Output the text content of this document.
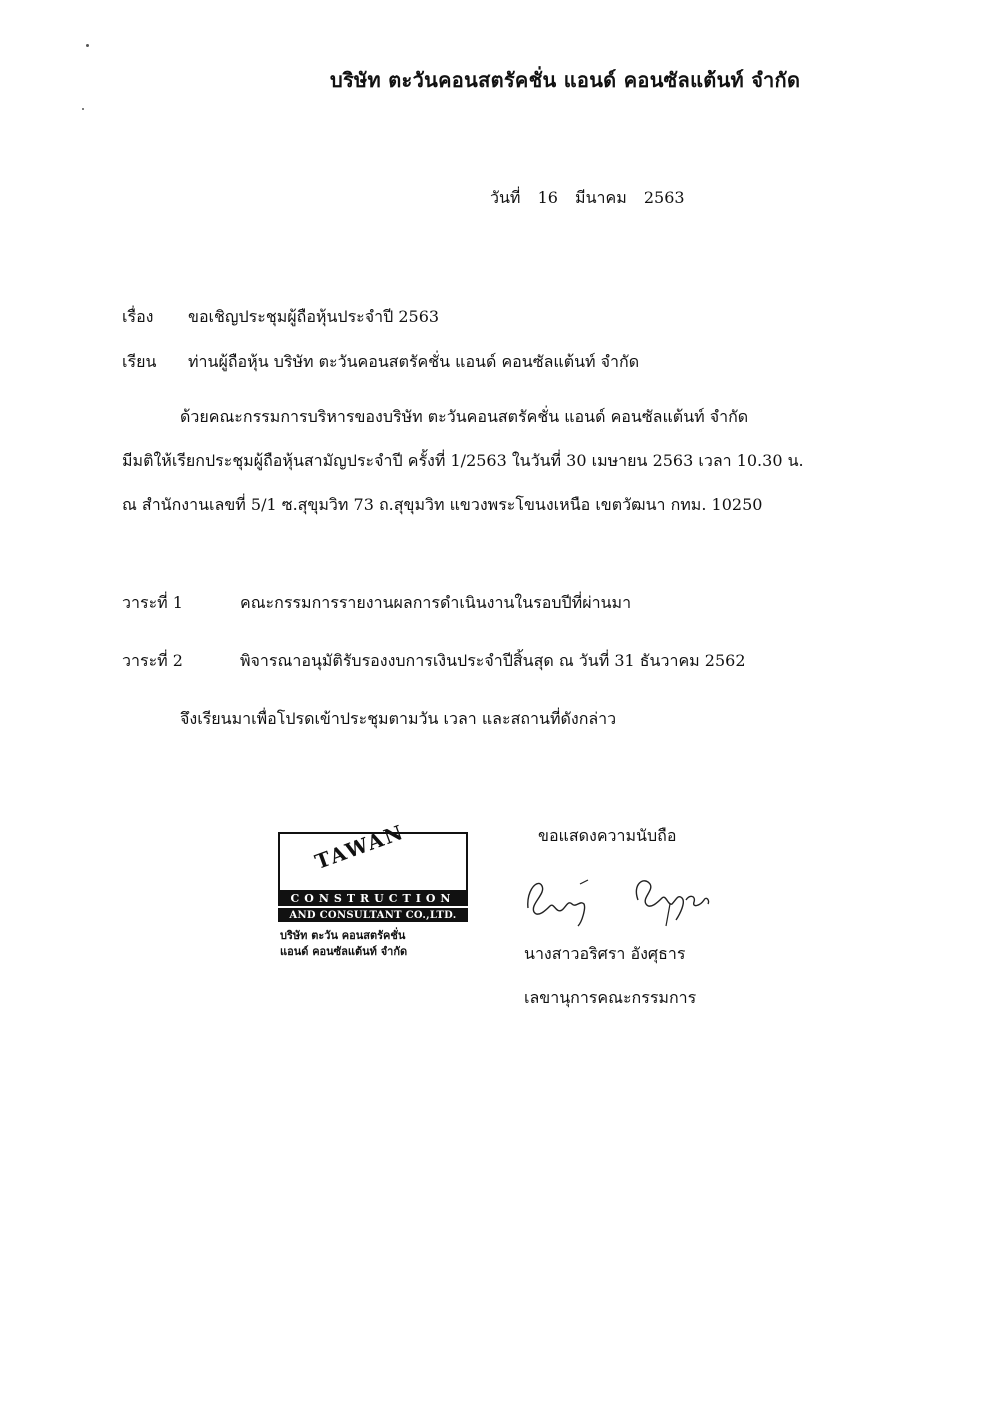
บริษัท ตะวันคอนสตรัคชั่น แอนด์ คอนซัลแต้นท์ จำกัด
วันที่ 16 มีนาคม 2563
เรื่อง ขอเชิญประชุมผู้ถือหุ้นประจำปี 2563
เรียน ท่านผู้ถือหุ้น บริษัท ตะวันคอนสตรัคชั่น แอนด์ คอนซัลแต้นท์ จำกัด
ด้วยคณะกรรมการบริหารของบริษัท ตะวันคอนสตรัคชั่น แอนด์ คอนซัลแต้นท์ จำกัด
มีมติให้เรียกประชุมผู้ถือหุ้นสามัญประจำปี ครั้งที่ 1/2563 ในวันที่ 30 เมษายน 2563 เวลา 10.30 น.
ณ สำนักงานเลขที่ 5/1 ซ.สุขุมวิท 73 ถ.สุขุมวิท แขวงพระโขนงเหนือ เขตวัฒนา กทม. 10250
วาระที่ 1	คณะกรรมการรายงานผลการดำเนินงานในรอบปีที่ผ่านมา
วาระที่ 2	พิจารณาอนุมัติรับรองงบการเงินประจำปีสิ้นสุด ณ วันที่ 31 ธันวาคม 2562
จึงเรียนมาเพื่อโปรดเข้าประชุมตามวัน เวลา และสถานที่ดังกล่าว
ขอแสดงความนับถือ
TAWAN
CONSTRUCTION
AND CONSULTANT CO.,LTD.
บริษัท ตะวัน คอนสตรัคชั่น
แอนด์ คอนซัลแต้นท์ จำกัด	นางสาวอริศรา อังศุธาร
เลขานุการคณะกรรมการ
